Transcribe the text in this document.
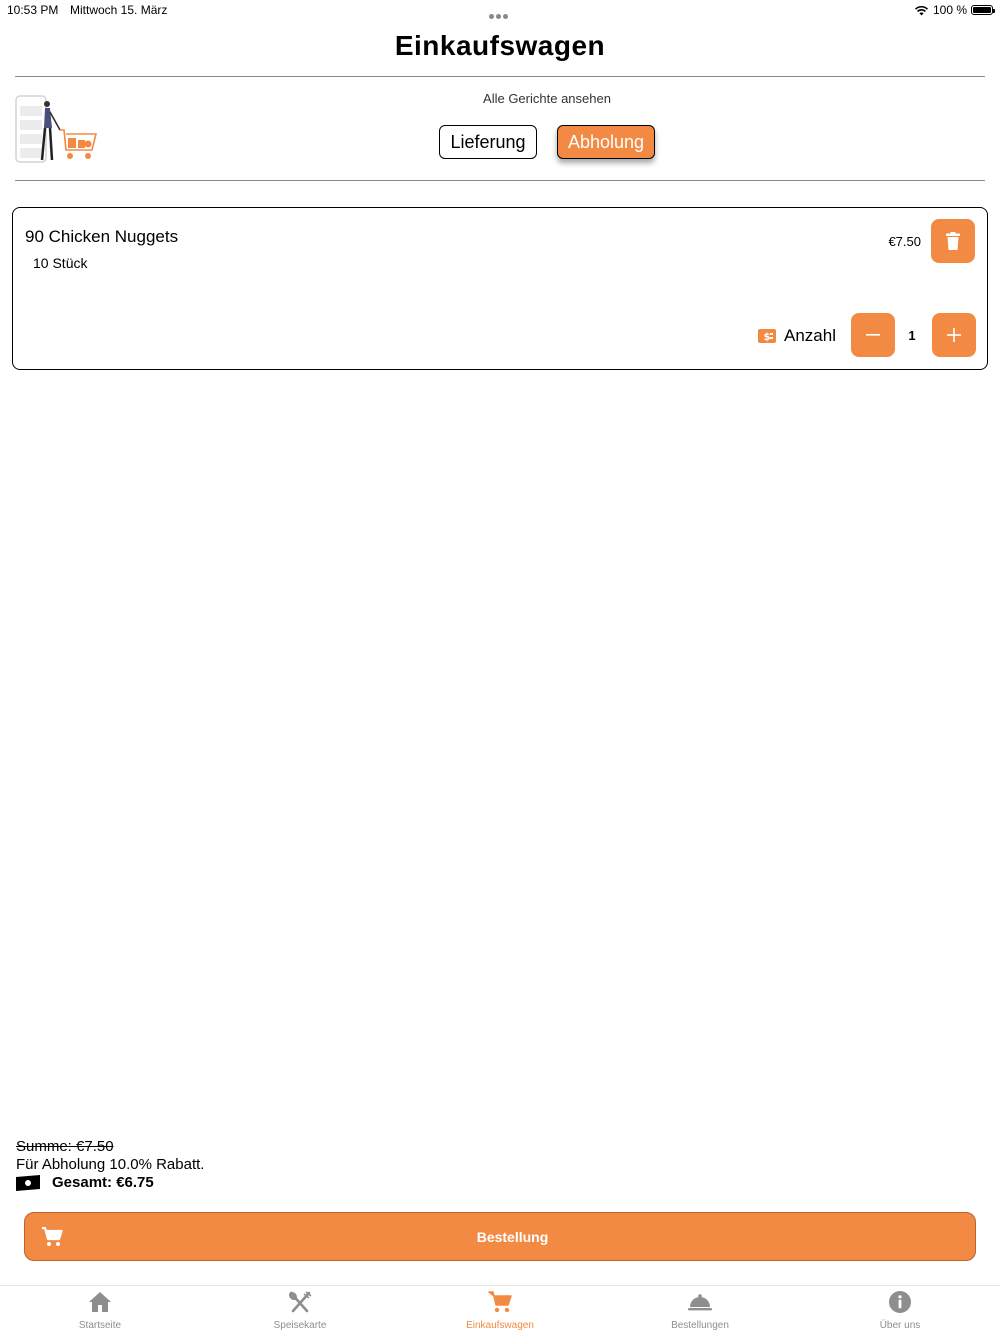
10:53 PM Mittwoch 15. März	100 %
Einkaufswagen
Alle Gerichte ansehen
Lieferung	Abholung
90 Chicken Nuggets
10 Stück
€7.50
$ Anzahl	1
Summe: €7.50
Für Abholung 10.0% Rabatt.
Gesamt: €6.75
Bestellung
Startseite	Speisekarte	Einkaufswagen	Bestellungen	Über uns
